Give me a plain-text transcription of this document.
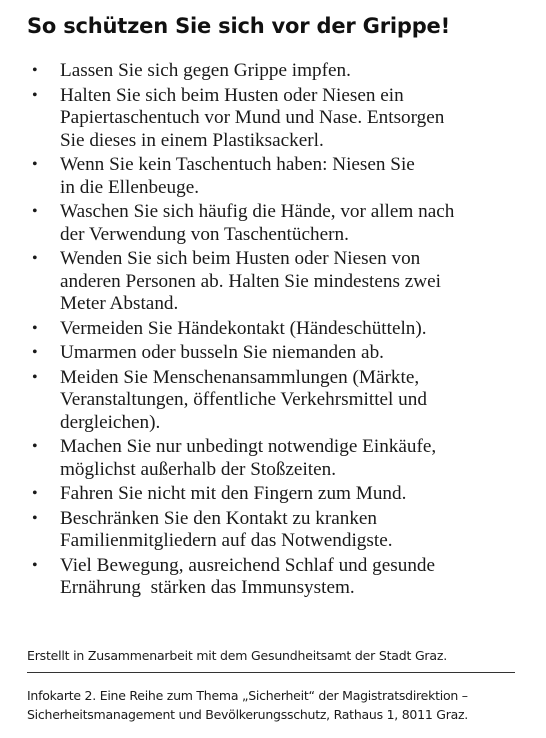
So schützen Sie sich vor der Grippe!
• Lassen Sie sich gegen Grippe impfen.
• Halten Sie sich beim Husten oder Niesen ein
Papiertaschentuch vor Mund und Nase. Entsorgen
Sie dieses in einem Plastiksackerl.
• Wenn Sie kein Taschentuch haben: Niesen Sie
in die Ellenbeuge.
• Waschen Sie sich häufig die Hände, vor allem nach
der Verwendung von Taschentüchern.
• Wenden Sie sich beim Husten oder Niesen von
anderen Personen ab. Halten Sie mindestens zwei
Meter Abstand.
• Vermeiden Sie Händekontakt (Händeschütteln).
• Umarmen oder busseln Sie niemanden ab.
• Meiden Sie Menschenansammlungen (Märkte,
Veranstaltungen, öffentliche Verkehrsmittel und
dergleichen).
• Machen Sie nur unbedingt notwendige Einkäufe,
möglichst außerhalb der Stoßzeiten.
• Fahren Sie nicht mit den Fingern zum Mund.
• Beschränken Sie den Kontakt zu kranken
Familienmitgliedern auf das Notwendigste.
• Viel Bewegung, ausreichend Schlaf und gesunde
Ernährung  stärken das Immunsystem.

Erstellt in Zusammenarbeit mit dem Gesundheitsamt der Stadt Graz.

Infokarte 2. Eine Reihe zum Thema „Sicherheit“ der Magistratsdirektion –
Sicherheitsmanagement und Bevölkerungsschutz, Rathaus 1, 8011 Graz.
